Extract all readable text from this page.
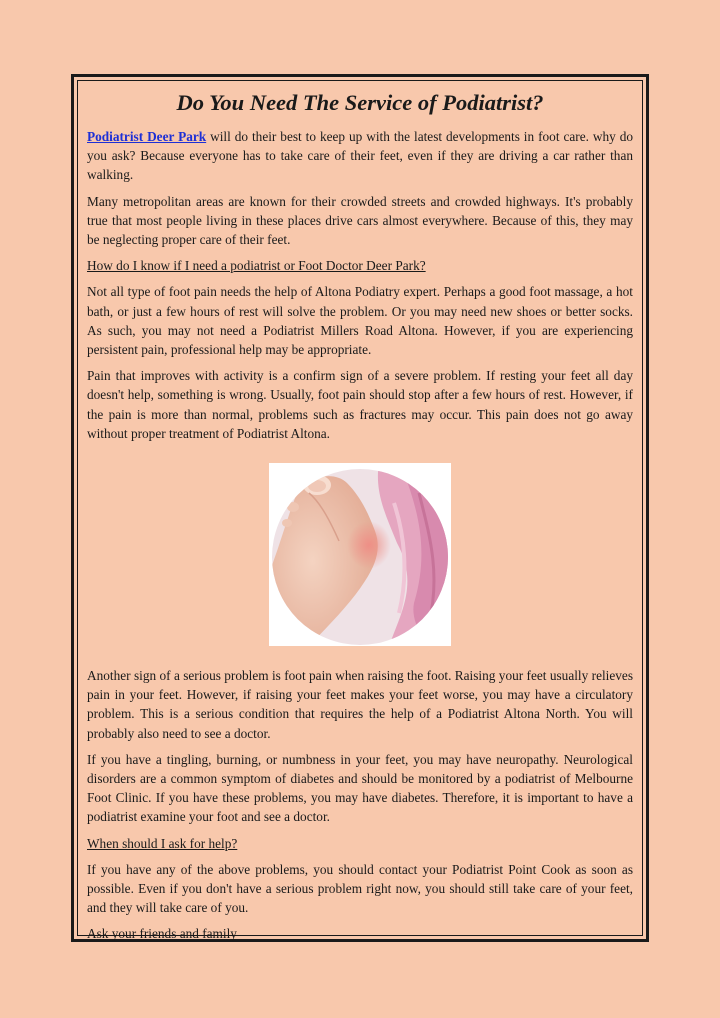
Do You Need The Service of Podiatrist?

Podiatrist Deer Park will do their best to keep up with the latest developments in foot care. why do you ask? Because everyone has to take care of their feet, even if they are driving a car rather than walking.

Many metropolitan areas are known for their crowded streets and crowded highways. It's probably true that most people living in these places drive cars almost everywhere. Because of this, they may be neglecting proper care of their feet.

How do I know if I need a podiatrist or Foot Doctor Deer Park?

Not all type of foot pain needs the help of Altona Podiatry expert. Perhaps a good foot massage, a hot bath, or just a few hours of rest will solve the problem. Or you may need new shoes or better socks. As such, you may not need a Podiatrist Millers Road Altona. However, if you are experiencing persistent pain, professional help may be appropriate.

Pain that improves with activity is a confirm sign of a severe problem. If resting your feet all day doesn't help, something is wrong. Usually, foot pain should stop after a few hours of rest. However, if the pain is more than normal, problems such as fractures may occur. This pain does not go away without proper treatment of Podiatrist Altona.

Another sign of a serious problem is foot pain when raising the foot. Raising your feet usually relieves pain in your feet. However, if raising your feet makes your feet worse, you may have a circulatory problem. This is a serious condition that requires the help of a Podiatrist Altona North. You will probably also need to see a doctor.

If you have a tingling, burning, or numbness in your feet, you may have neuropathy. Neurological disorders are a common symptom of diabetes and should be monitored by a podiatrist of Melbourne Foot Clinic. If you have these problems, you may have diabetes. Therefore, it is important to have a podiatrist examine your foot and see a doctor.

When should I ask for help?

If you have any of the above problems, you should contact your Podiatrist Point Cook as soon as possible. Even if you don't have a serious problem right now, you should still take care of your feet, and they will take care of you.

Ask your friends and family
